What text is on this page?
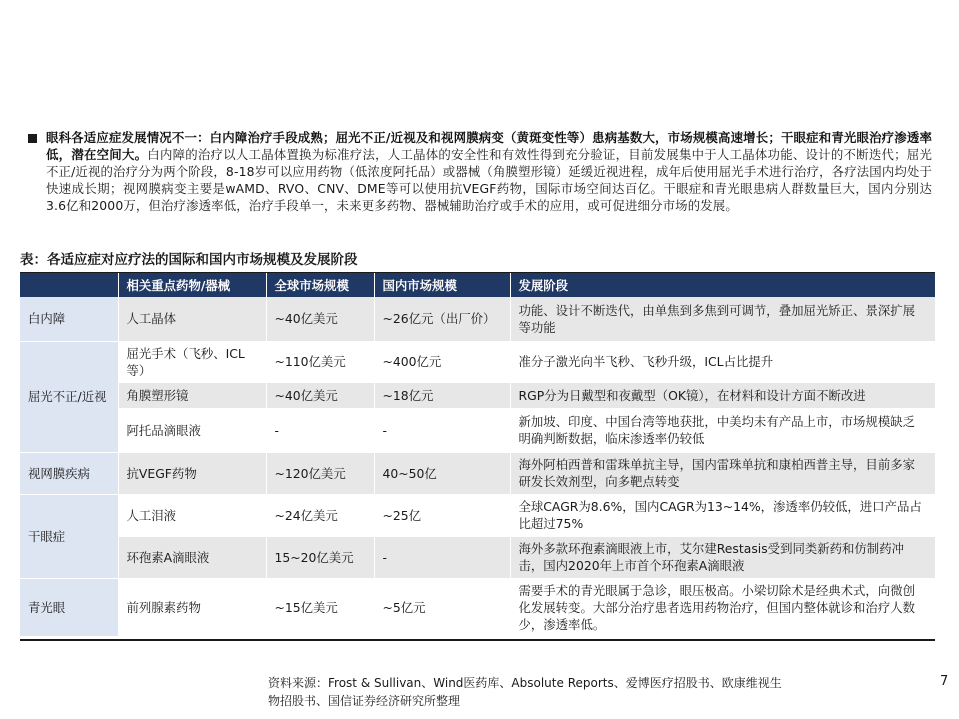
眼科各适应症发展情况不一：白内障治疗手段成熟；屈光不正/近视及和视网膜病变（黄斑变性等）患病基数大，市场规模高速增长；干眼症和青光眼治疗渗透率低，潜在空间大。白内障的治疗以人工晶体置换为标准疗法，人工晶体的安全性和有效性得到充分验证，目前发展集中于人工晶体功能、设计的不断迭代；屈光不正/近视的治疗分为两个阶段，8-18岁可以应用药物（低浓度阿托品）或器械（角膜塑形镜）延缓近视进程，成年后使用屈光手术进行治疗，各疗法国内均处于快速成长期；视网膜病变主要是wAMD、RVO、CNV、DME等可以使用抗VEGF药物，国际市场空间达百亿。干眼症和青光眼患病人群数量巨大，国内分别达3.6亿和2000万，但治疗渗透率低，治疗手段单一，未来更多药物、器械辅助治疗或手术的应用，或可促进细分市场的发展。

表：各适应症对应疗法的国际和国内市场规模及发展阶段
	相关重点药物/器械	全球市场规模	国内市场规模	发展阶段
白内障	人工晶体	~40亿美元	~26亿元（出厂价）	功能、设计不断迭代，由单焦到多焦到可调节，叠加屈光矫正、景深扩展等功能
屈光不正/近视	屈光手术（飞秒、ICL等）	~110亿美元	~400亿元	准分子激光向半飞秒、飞秒升级，ICL占比提升
	角膜塑形镜	~40亿美元	~18亿元	RGP分为日戴型和夜戴型（OK镜），在材料和设计方面不断改进
	阿托品滴眼液	-	-	新加坡、印度、中国台湾等地获批，中美均未有产品上市，市场规模缺乏明确判断数据，临床渗透率仍较低
视网膜疾病	抗VEGF药物	~120亿美元	40~50亿	海外阿柏西普和雷珠单抗主导，国内雷珠单抗和康柏西普主导，目前多家研发长效剂型，向多靶点转变
干眼症	人工泪液	~24亿美元	~25亿	全球CAGR为8.6%，国内CAGR为13~14%，渗透率仍较低，进口产品占比超过75%
	环孢素A滴眼液	15~20亿美元	-	海外多款环孢素滴眼液上市，艾尔建Restasis受到同类新药和仿制药冲击，国内2020年上市首个环孢素A滴眼液
青光眼	前列腺素药物	~15亿美元	~5亿元	需要手术的青光眼属于急诊，眼压极高。小梁切除术是经典术式，向微创化发展转变。大部分治疗患者选用药物治疗，但国内整体就诊和治疗人数少，渗透率低。
资料来源：Frost & Sullivan、Wind医药库、Absolute Reports、爱博医疗招股书、欧康维视生物招股书、国信证券经济研究所整理
7
